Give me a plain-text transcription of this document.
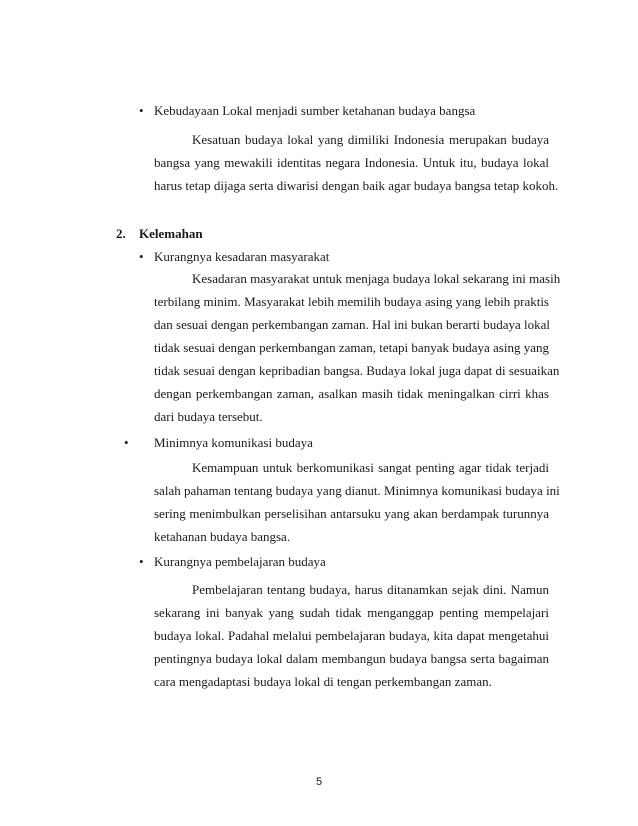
• Kebudayaan Lokal menjadi sumber ketahanan budaya bangsa
Kesatuan budaya lokal yang dimiliki Indonesia merupakan budaya
bangsa yang mewakili identitas negara Indonesia. Untuk itu, budaya lokal
harus tetap dijaga serta diwarisi dengan baik agar budaya bangsa tetap kokoh.
2. Kelemahan
• Kurangnya kesadaran masyarakat
Kesadaran masyarakat untuk menjaga budaya lokal sekarang ini masih
terbilang minim. Masyarakat lebih memilih budaya asing yang lebih praktis
dan sesuai dengan perkembangan zaman. Hal ini bukan berarti budaya lokal
tidak sesuai dengan perkembangan zaman, tetapi banyak budaya asing yang
tidak sesuai dengan kepribadian bangsa. Budaya lokal juga dapat di sesuaikan
dengan perkembangan zaman, asalkan masih tidak meningalkan cirri khas
dari budaya tersebut.
• Minimnya komunikasi budaya
Kemampuan untuk berkomunikasi sangat penting agar tidak terjadi
salah pahaman tentang budaya yang dianut. Minimnya komunikasi budaya ini
sering menimbulkan perselisihan antarsuku yang akan berdampak turunnya
ketahanan budaya bangsa.
• Kurangnya pembelajaran budaya
Pembelajaran tentang budaya, harus ditanamkan sejak dini. Namun
sekarang ini banyak yang sudah tidak menganggap penting mempelajari
budaya lokal. Padahal melalui pembelajaran budaya, kita dapat mengetahui
pentingnya budaya lokal dalam membangun budaya bangsa serta bagaiman
cara mengadaptasi budaya lokal di tengan perkembangan zaman.
5
